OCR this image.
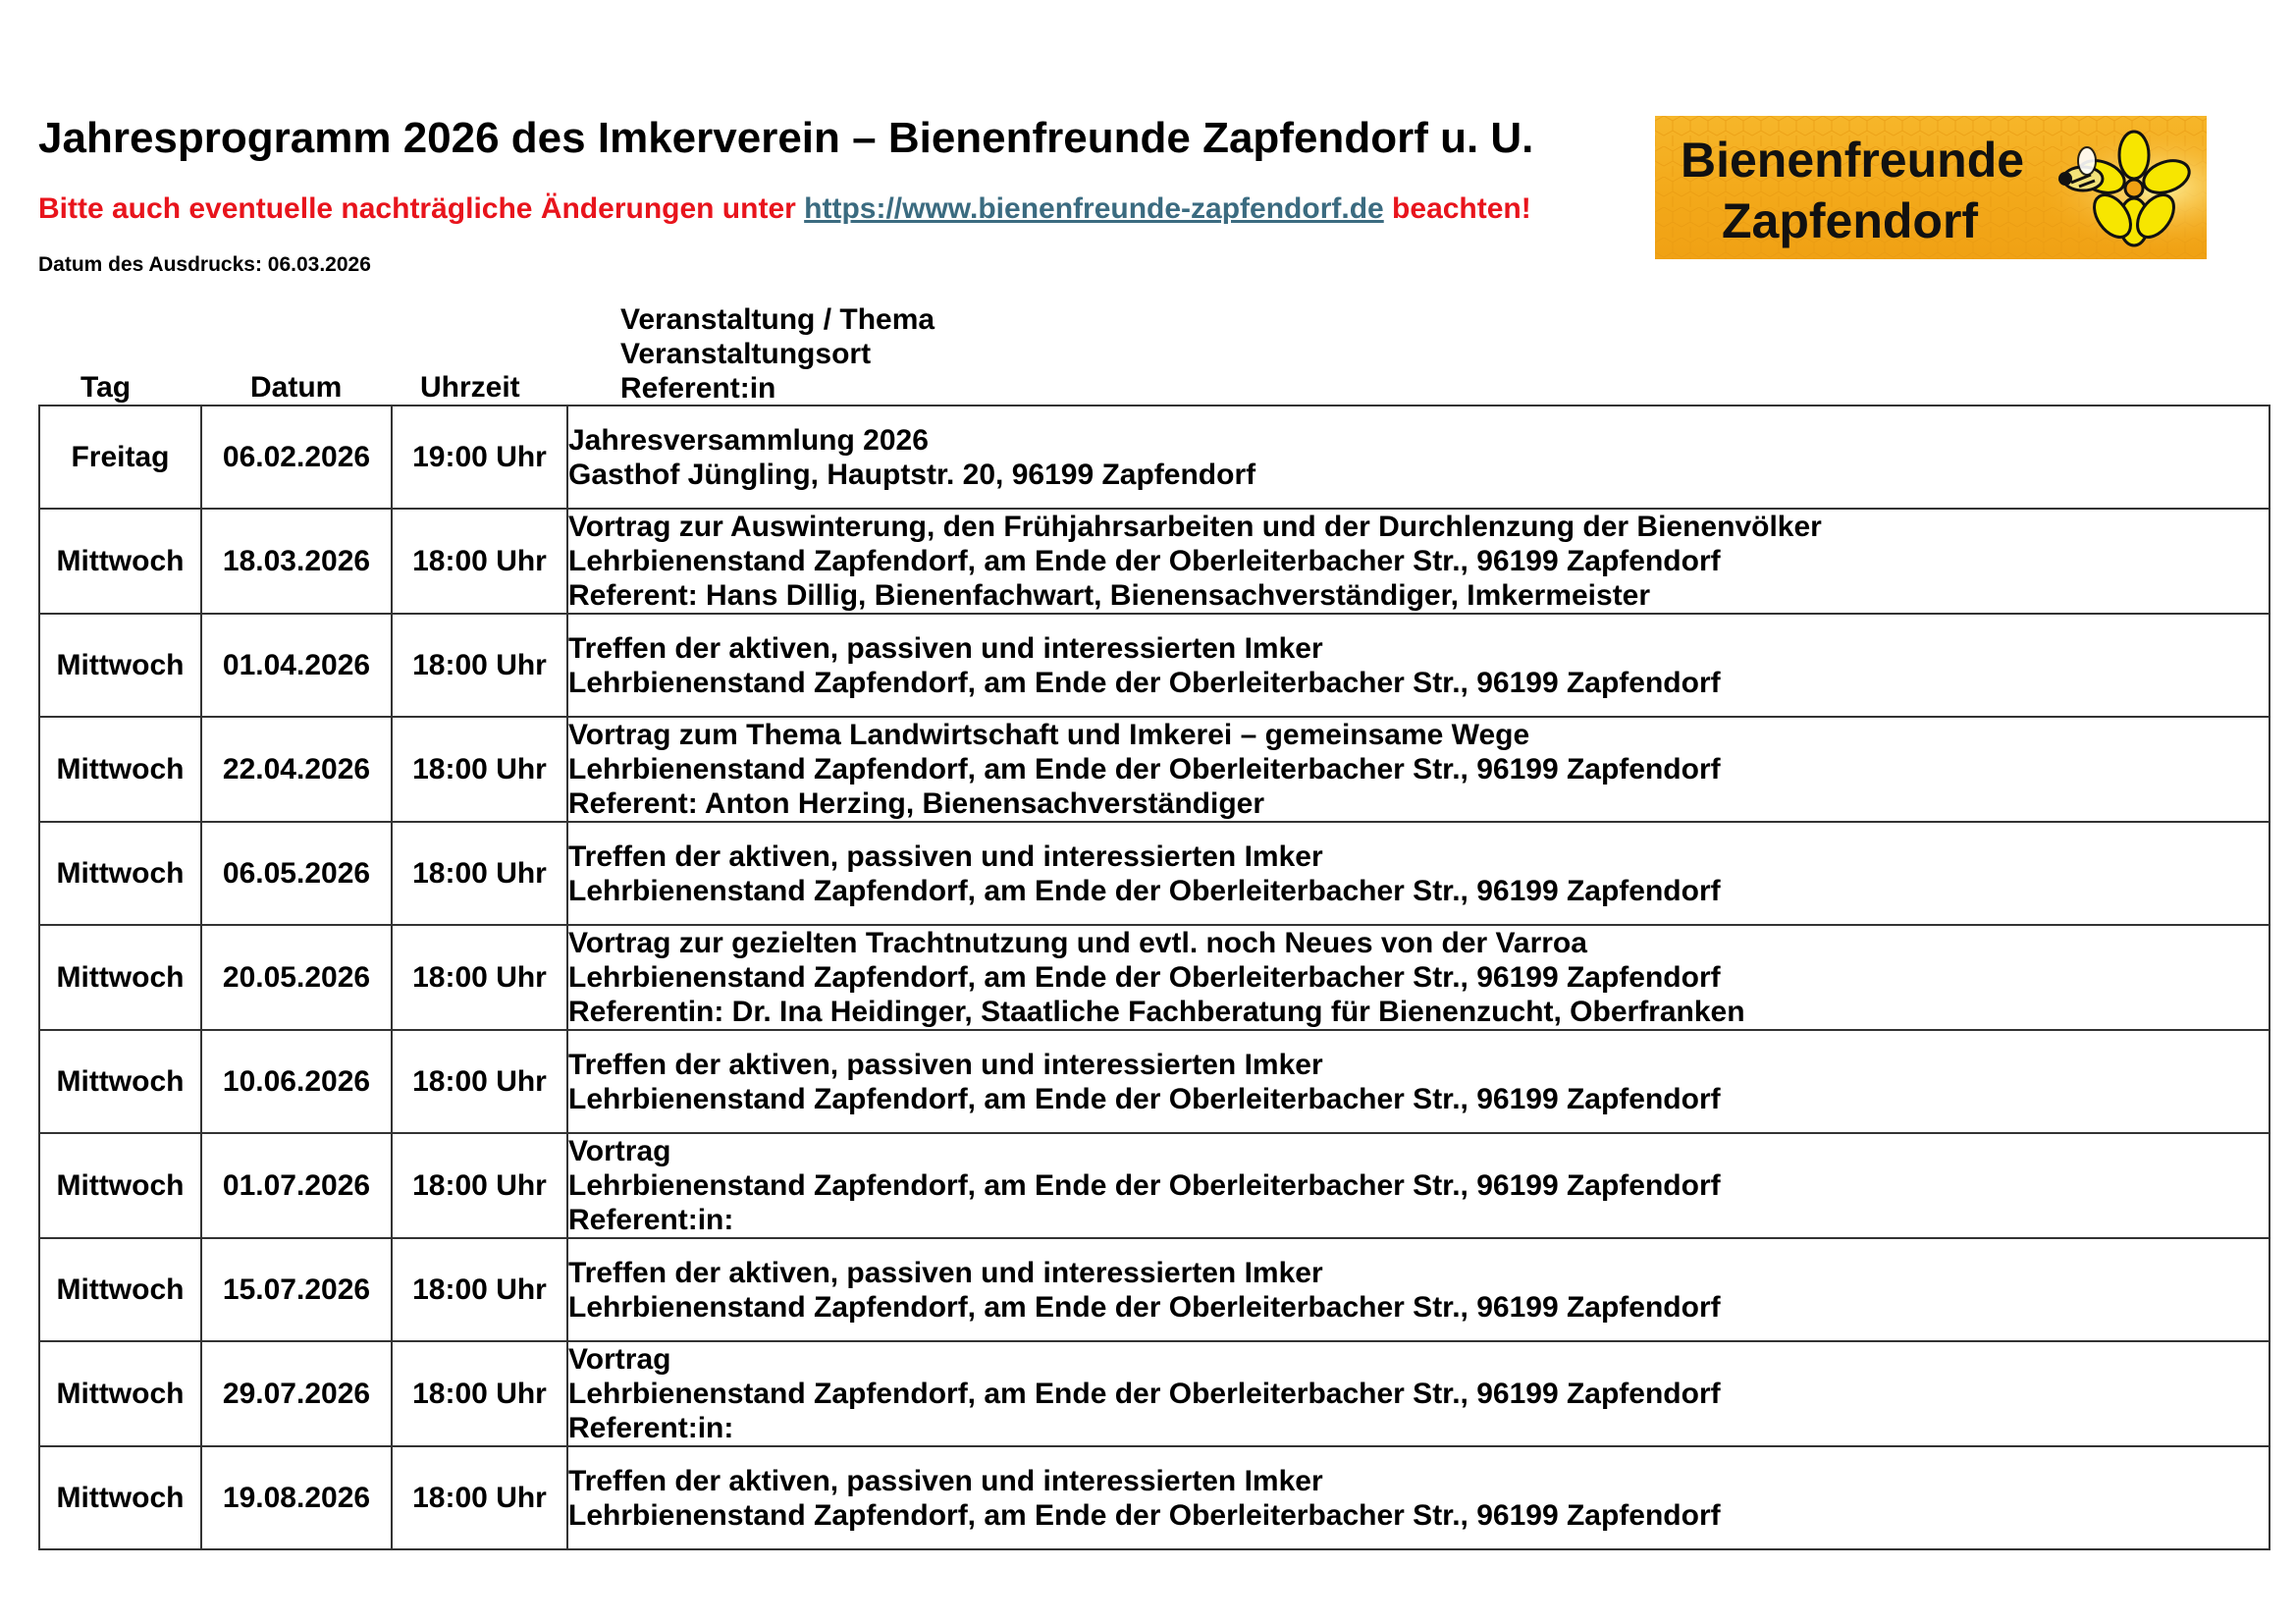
Jahresprogramm 2026 des Imkerverein – Bienenfreunde Zapfendorf u. U.
Bitte auch eventuelle nachträgliche Änderungen unter https://www.bienenfreunde-zapfendorf.de beachten!
Datum des Ausdrucks: 06.03.2026
Bienenfreunde
Zapfendorf
Tag	Datum	Uhrzeit
Veranstaltung / Thema
Veranstaltungsort
Referent:in
Freitag	06.02.2026	19:00 Uhr	Jahresversammlung 2026
Gasthof Jüngling, Hauptstr. 20, 96199 Zapfendorf

Mittwoch	18.03.2026	18:00 Uhr	Vortrag zur Auswinterung, den Frühjahrsarbeiten und der Durchlenzung der Bienenvölker
Lehrbienenstand Zapfendorf, am Ende der Oberleiterbacher Str., 96199 Zapfendorf
Referent: Hans Dillig, Bienenfachwart, Bienensachverständiger, Imkermeister

Mittwoch	01.04.2026	18:00 Uhr	Treffen der aktiven, passiven und interessierten Imker
Lehrbienenstand Zapfendorf, am Ende der Oberleiterbacher Str., 96199 Zapfendorf

Mittwoch	22.04.2026	18:00 Uhr	Vortrag zum Thema Landwirtschaft und Imkerei – gemeinsame Wege
Lehrbienenstand Zapfendorf, am Ende der Oberleiterbacher Str., 96199 Zapfendorf
Referent: Anton Herzing, Bienensachverständiger

Mittwoch	06.05.2026	18:00 Uhr	Treffen der aktiven, passiven und interessierten Imker
Lehrbienenstand Zapfendorf, am Ende der Oberleiterbacher Str., 96199 Zapfendorf

Mittwoch	20.05.2026	18:00 Uhr	Vortrag zur gezielten Trachtnutzung und evtl. noch Neues von der Varroa
Lehrbienenstand Zapfendorf, am Ende der Oberleiterbacher Str., 96199 Zapfendorf
Referentin: Dr. Ina Heidinger, Staatliche Fachberatung für Bienenzucht, Oberfranken

Mittwoch	10.06.2026	18:00 Uhr	Treffen der aktiven, passiven und interessierten Imker
Lehrbienenstand Zapfendorf, am Ende der Oberleiterbacher Str., 96199 Zapfendorf

Mittwoch	01.07.2026	18:00 Uhr	Vortrag
Lehrbienenstand Zapfendorf, am Ende der Oberleiterbacher Str., 96199 Zapfendorf
Referent:in:

Mittwoch	15.07.2026	18:00 Uhr	Treffen der aktiven, passiven und interessierten Imker
Lehrbienenstand Zapfendorf, am Ende der Oberleiterbacher Str., 96199 Zapfendorf

Mittwoch	29.07.2026	18:00 Uhr	Vortrag
Lehrbienenstand Zapfendorf, am Ende der Oberleiterbacher Str., 96199 Zapfendorf
Referent:in:

Mittwoch	19.08.2026	18:00 Uhr	Treffen der aktiven, passiven und interessierten Imker
Lehrbienenstand Zapfendorf, am Ende der Oberleiterbacher Str., 96199 Zapfendorf
